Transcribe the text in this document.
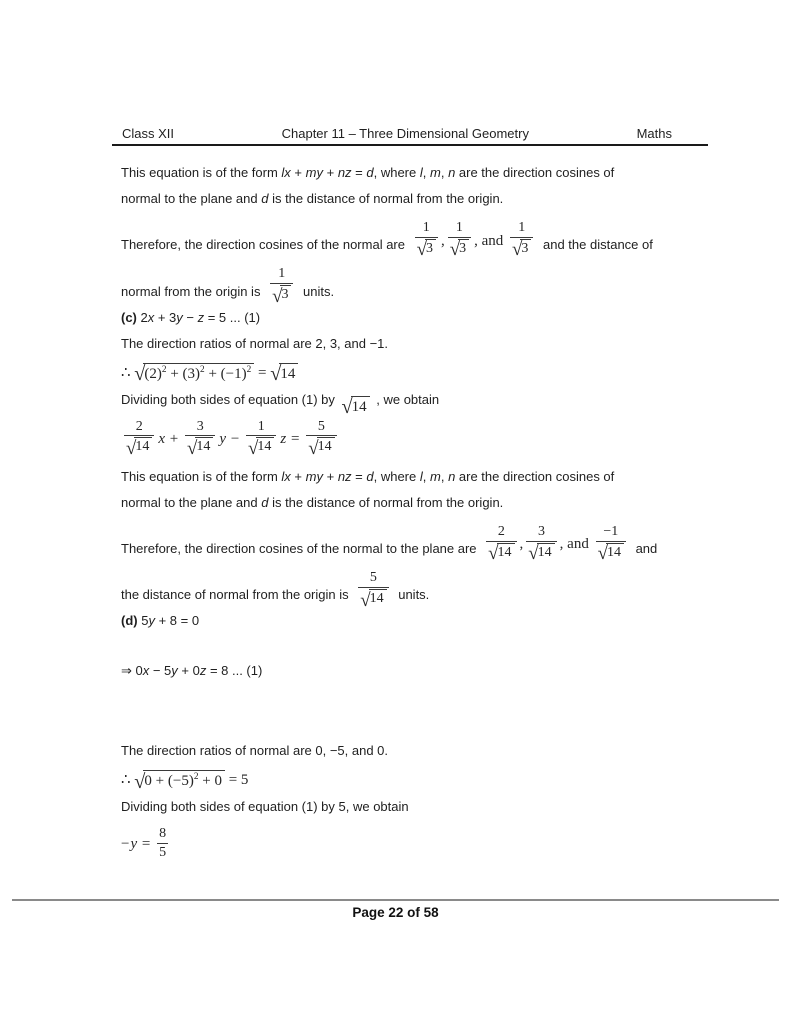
Class XII	Chapter 11 – Three Dimensional Geometry	Maths
This equation is of the form lx + my + nz = d, where l, m, n are the direction cosines of
normal to the plane and d is the distance of normal from the origin.
Therefore, the direction cosines of the normal are $\frac{1}{√ 3}$ , $\frac{1}{√ 3}$ , and $\frac{1}{√ 3}$ and the distance of
normal from the origin is $\frac{1}{√ 3}$ units.
(c) 2x + 3y − z = 5 ... (1)
The direction ratios of normal are 2, 3, and −1.
∴ √ $(2)^2 + (3)^2 + (-1)^2$ = √ 14
Dividing both sides of equation (1) by √ 14 , we obtain
$\frac{2}{√ 14}$ $x + \frac{3}{√ 14}$ $y - \frac{1}{√ 14}$ $z = \frac{5}{√ 14}$
This equation is of the form lx + my + nz = d, where l, m, n are the direction cosines of
normal to the plane and d is the distance of normal from the origin.
Therefore, the direction cosines of the normal to the plane are $\frac{2}{√ 14}$ , $\frac{3}{√ 14}$ , and $\frac{-1}{√ 14}$ and
the distance of normal from the origin is $\frac{5}{√ 14}$ units.
(d) 5y + 8 = 0
⇒ 0x − 5y + 0z = 8 ... (1)
The direction ratios of normal are 0, −5, and 0.
∴ √ $0 + (-5)^2 + 0 = 5$
Dividing both sides of equation (1) by 5, we obtain
− $y = \frac{8}{5}$
Page 22 of 58
